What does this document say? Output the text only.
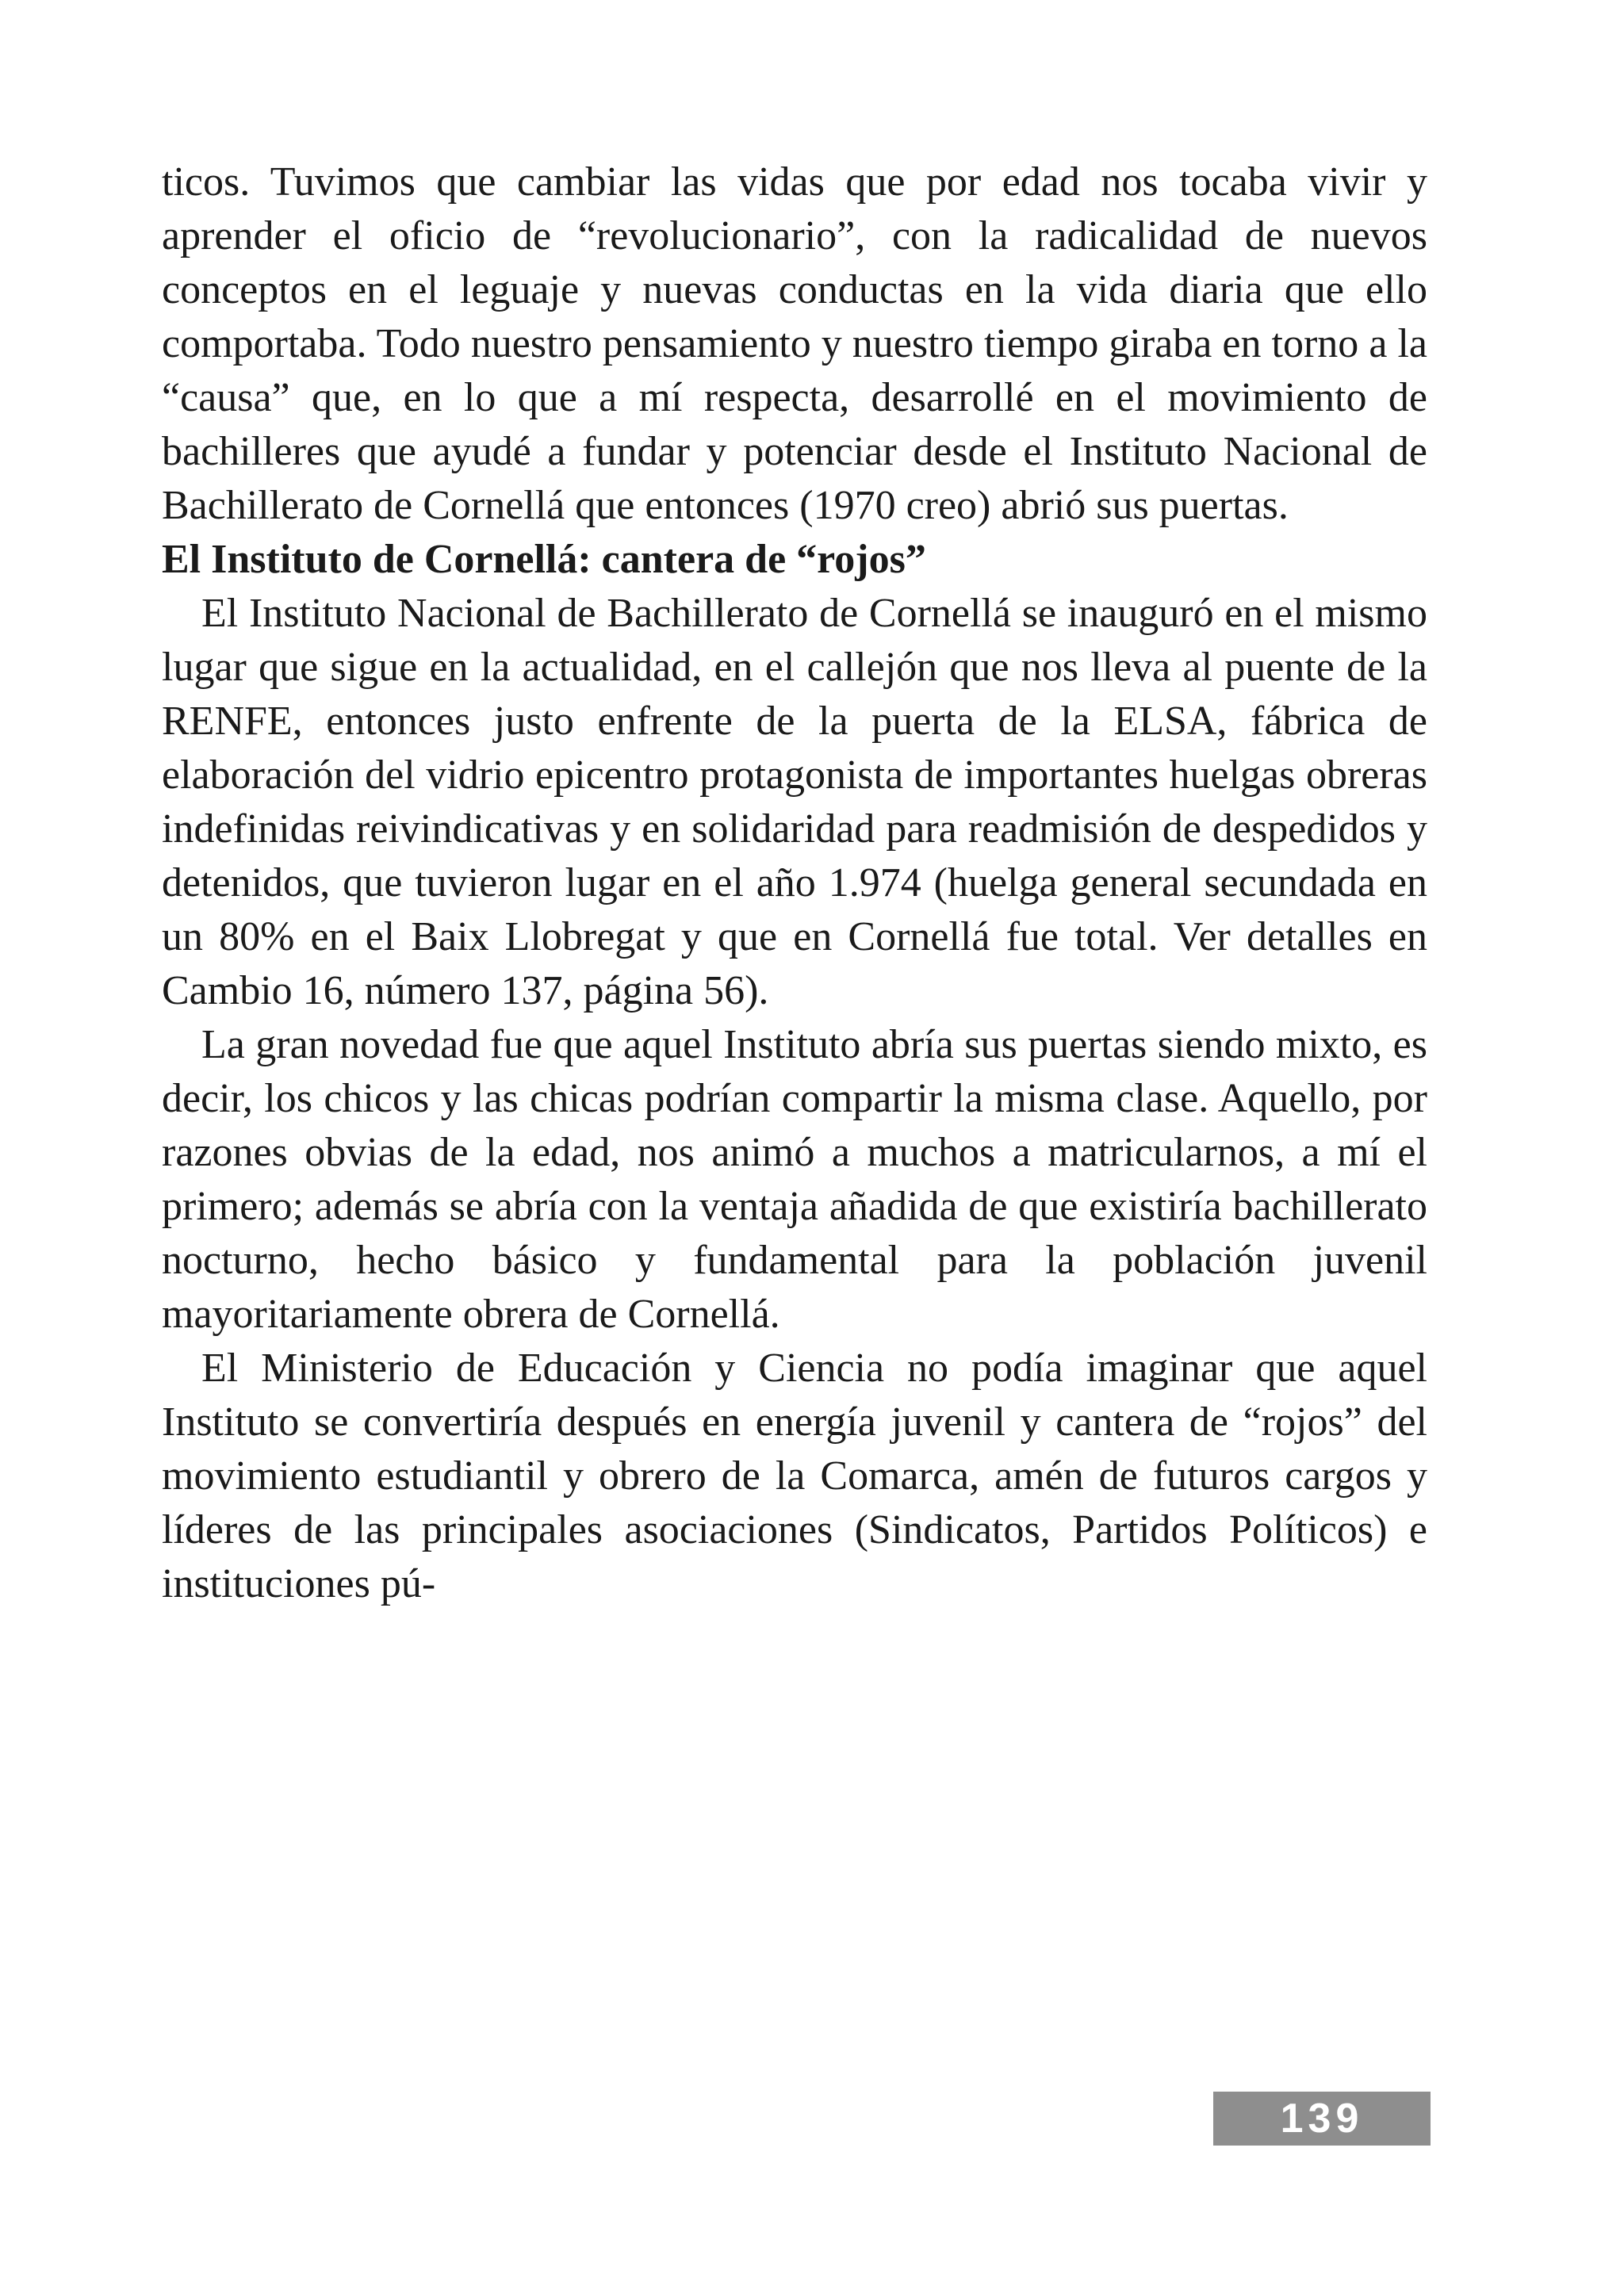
ticos. Tuvimos que cambiar las vidas que por edad nos tocaba vivir y aprender el oficio de “revolucionario”, con la radicalidad de nuevos conceptos en el leguaje y nuevas conductas en la vida diaria que ello comportaba. Todo nuestro pensamiento y nuestro tiempo giraba en torno a la “causa” que, en lo que a mí respecta, desarrollé en el movimiento de bachilleres que ayudé a fundar y potenciar desde el Instituto Nacional de Bachillerato de Cornellá que entonces (1970 creo) abrió sus puertas.

El Instituto de Cornellá: cantera de “rojos”

El Instituto Nacional de Bachillerato de Cornellá se inauguró en el mismo lugar que sigue en la actualidad, en el callejón que nos lleva al puente de la RENFE, entonces justo enfrente de la puerta de la ELSA, fábrica de elaboración del vidrio epicentro protagonista de importantes huelgas obreras indefinidas reivindicativas y en solidaridad para readmisión de despedidos y detenidos, que tuvieron lugar en el año 1.974 (huelga general secundada en un 80% en el Baix Llobregat y que en Cornellá fue total. Ver detalles en Cambio 16, número 137, página 56).

La gran novedad fue que aquel Instituto abría sus puertas siendo mixto, es decir, los chicos y las chicas podrían compartir la misma clase. Aquello, por razones obvias de la edad, nos animó a muchos a matricularnos, a mí el primero; además se abría con la ventaja añadida de que existiría bachillerato nocturno, hecho básico y fundamental para la población juvenil mayoritariamente obrera de Cornellá.

El Ministerio de Educación y Ciencia no podía imaginar que aquel Instituto se convertiría después en energía juvenil y cantera de “rojos” del movimiento estudiantil y obrero de la Comarca, amén de futuros cargos y líderes de las principales asociaciones (Sindicatos, Partidos Políticos) e instituciones pú-

139
